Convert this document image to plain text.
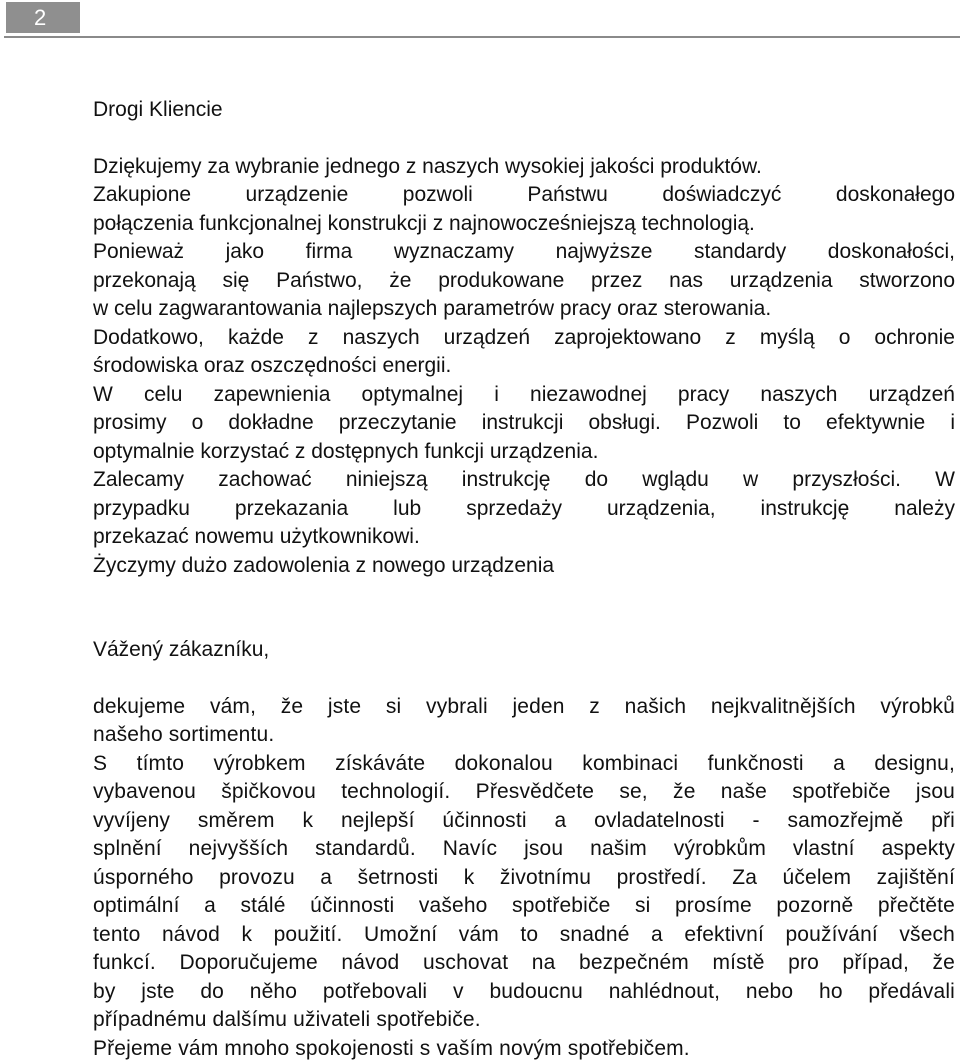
2

Drogi Kliencie

Dziękujemy za wybranie jednego z naszych wysokiej jakości produktów.
Zakupione urządzenie pozwoli Państwu doświadczyć doskonałego
połączenia funkcjonalnej konstrukcji z najnowocześniejszą technologią.
Ponieważ jako firma wyznaczamy najwyższe standardy doskonałości,
przekonają się Państwo, że produkowane przez nas urządzenia stworzono
w celu zagwarantowania najlepszych parametrów pracy oraz sterowania.
Dodatkowo, każde z naszych urządzeń zaprojektowano z myślą o ochronie
środowiska oraz oszczędności energii.
W celu zapewnienia optymalnej i niezawodnej pracy naszych urządzeń
prosimy o dokładne przeczytanie instrukcji obsługi. Pozwoli to efektywnie i
optymalnie korzystać z dostępnych funkcji urządzenia.
Zalecamy zachować niniejszą instrukcję do wglądu w przyszłości. W
przypadku przekazania lub sprzedaży urządzenia, instrukcję należy
przekazać nowemu użytkownikowi.
Życzymy dużo zadowolenia z nowego urządzenia

Vážený zákazníku,

dekujeme vám, že jste si vybrali jeden z našich nejkvalitnějších výrobků
našeho sortimentu.
S tímto výrobkem získáváte dokonalou kombinaci funkčnosti a designu,
vybavenou špičkovou technologií. Přesvědčete se, že naše spotřebiče jsou
vyvíjeny směrem k nejlepší účinnosti a ovladatelnosti - samozřejmě při
splnění nejvyšších standardů. Navíc jsou našim výrobkům vlastní aspekty
úsporného provozu a šetrnosti k životnímu prostředí. Za účelem zajištění
optimální a stálé účinnosti vašeho spotřebiče si prosíme pozorně přečtěte
tento návod k použití. Umožní vám to snadné a efektivní používání všech
funkcí. Doporučujeme návod uschovat na bezpečném místě pro případ, že
by jste do něho potřebovali v budoucnu nahlédnout, nebo ho předávali
případnému dalšímu uživateli spotřebiče.
Přejeme vám mnoho spokojenosti s vaším novým spotřebičem.
